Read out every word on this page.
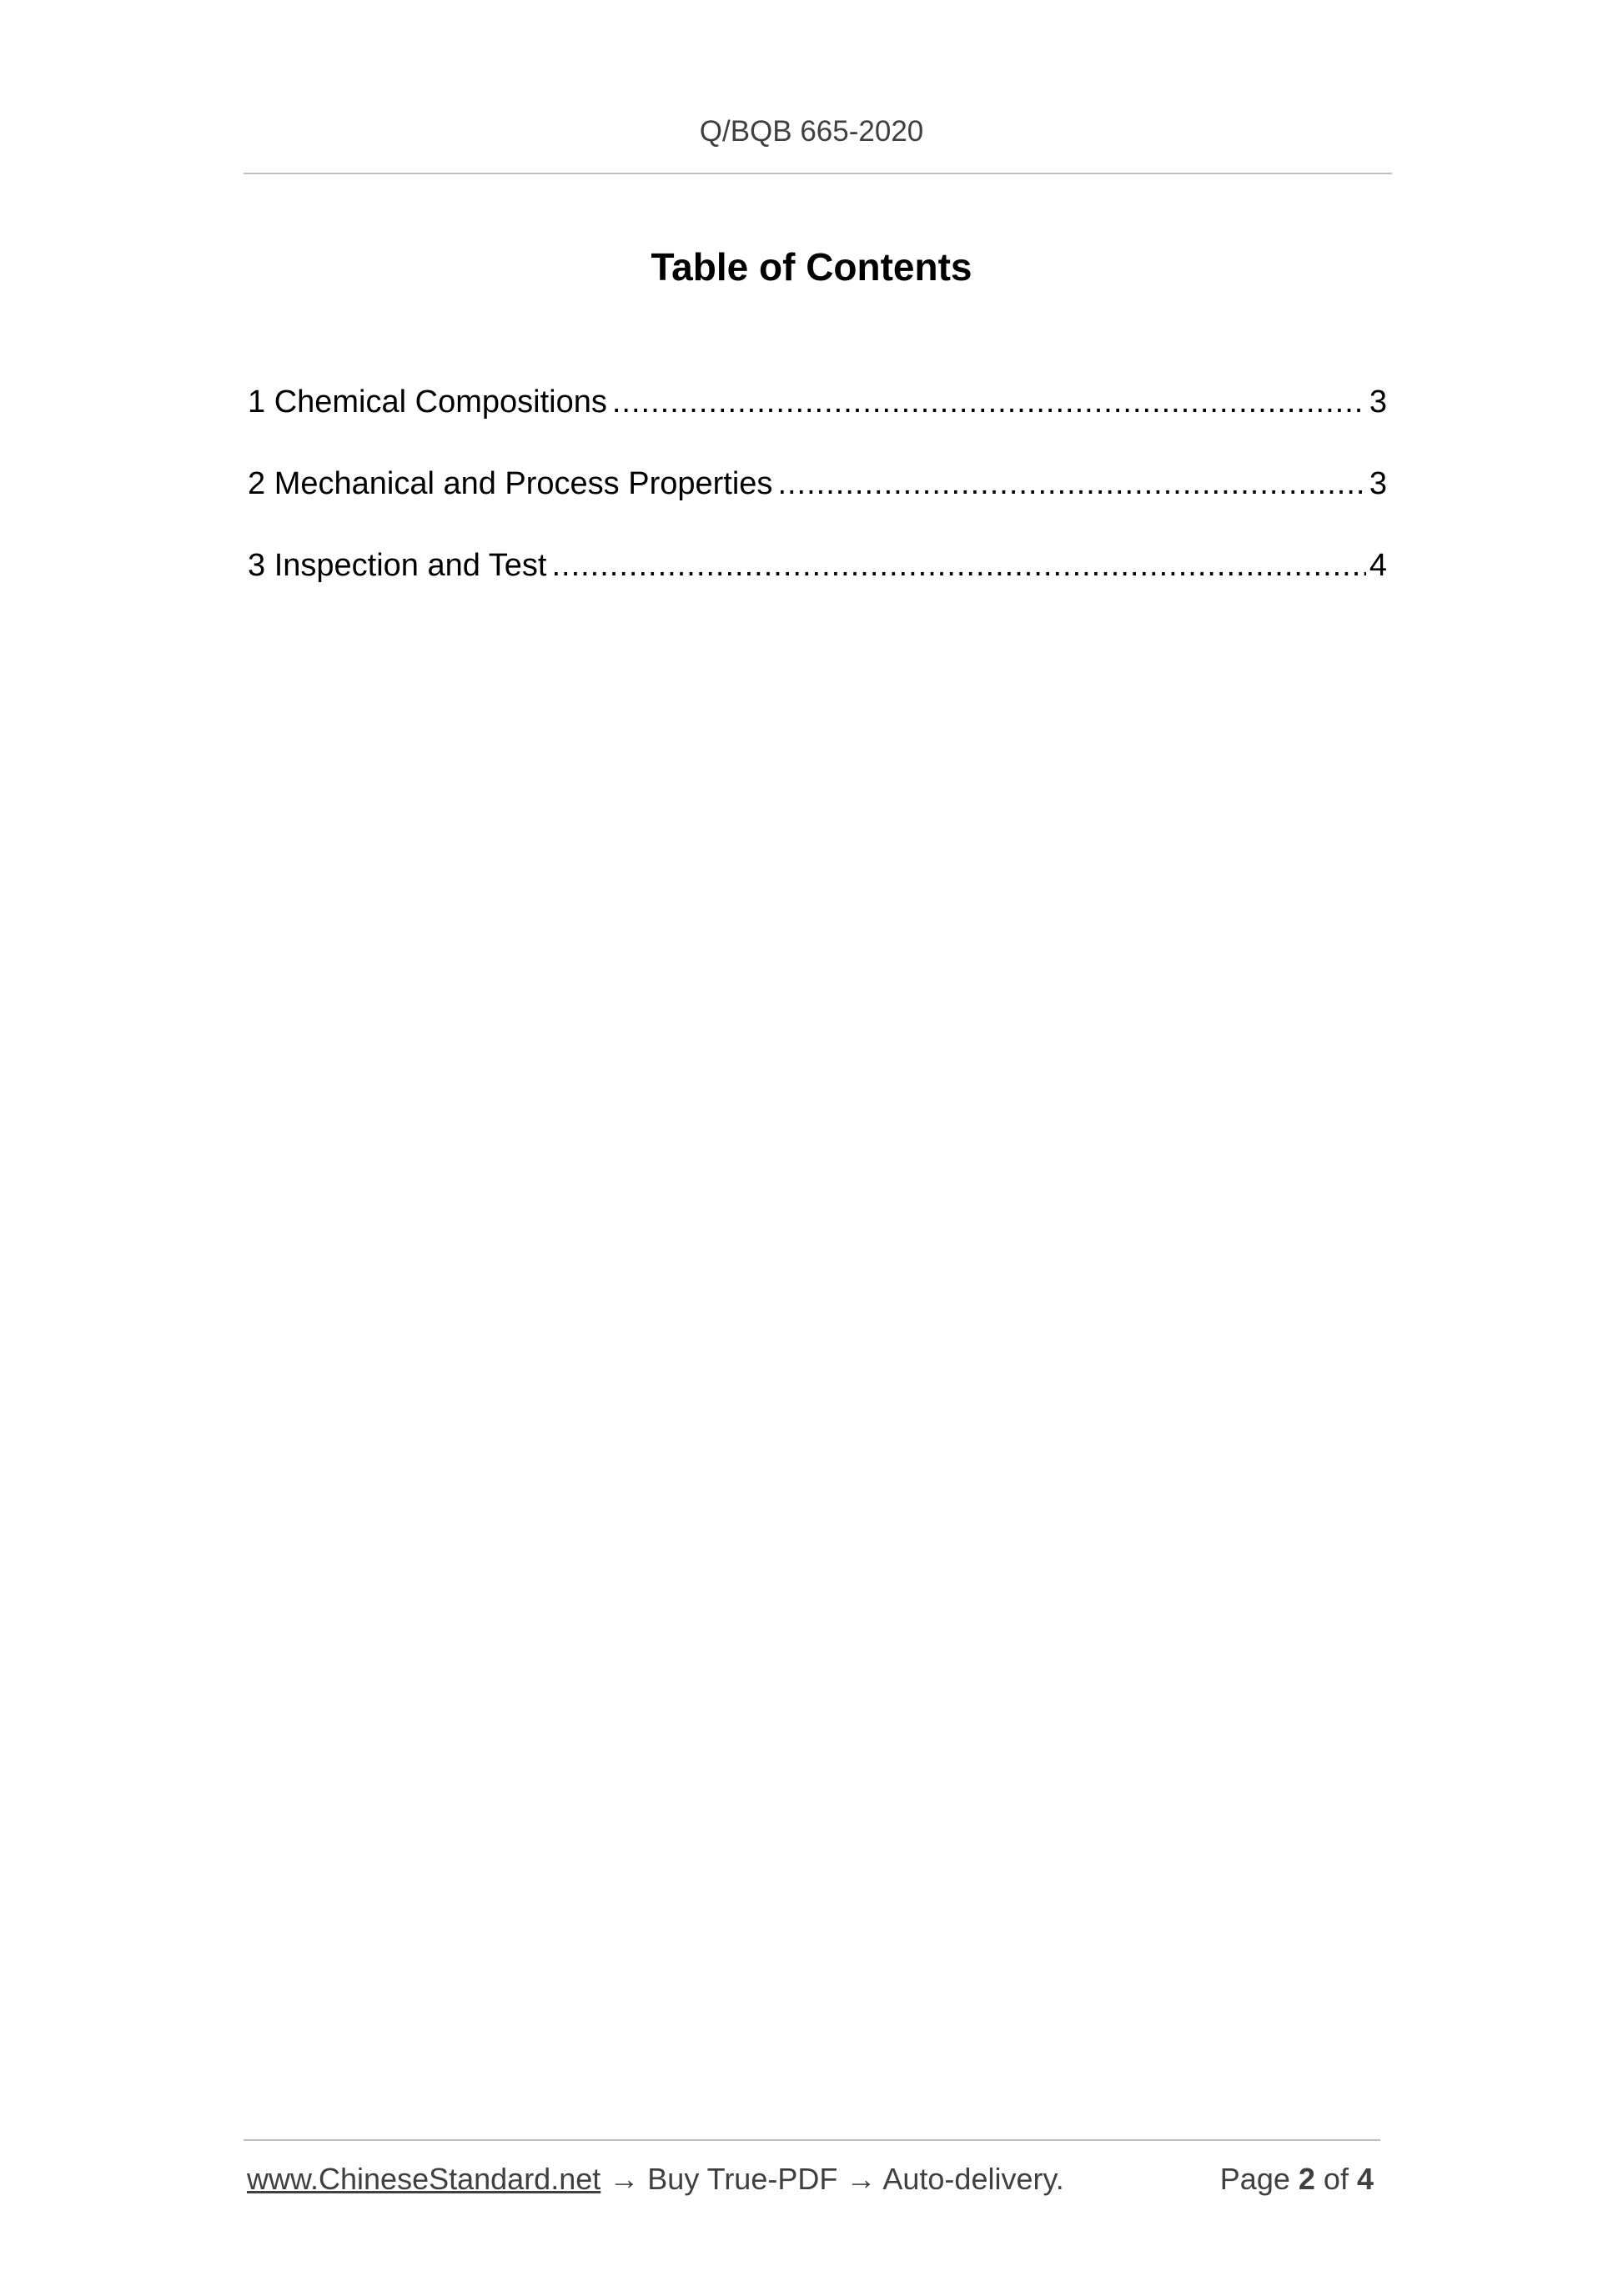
Q/BQB 665-2020
Table of Contents
1 Chemical Compositions .....	3
2 Mechanical and Process Properties .....	3
3 Inspection and Test .....	4
www.ChineseStandard.net → Buy True-PDF → Auto-delivery.	Page 2 of 4
